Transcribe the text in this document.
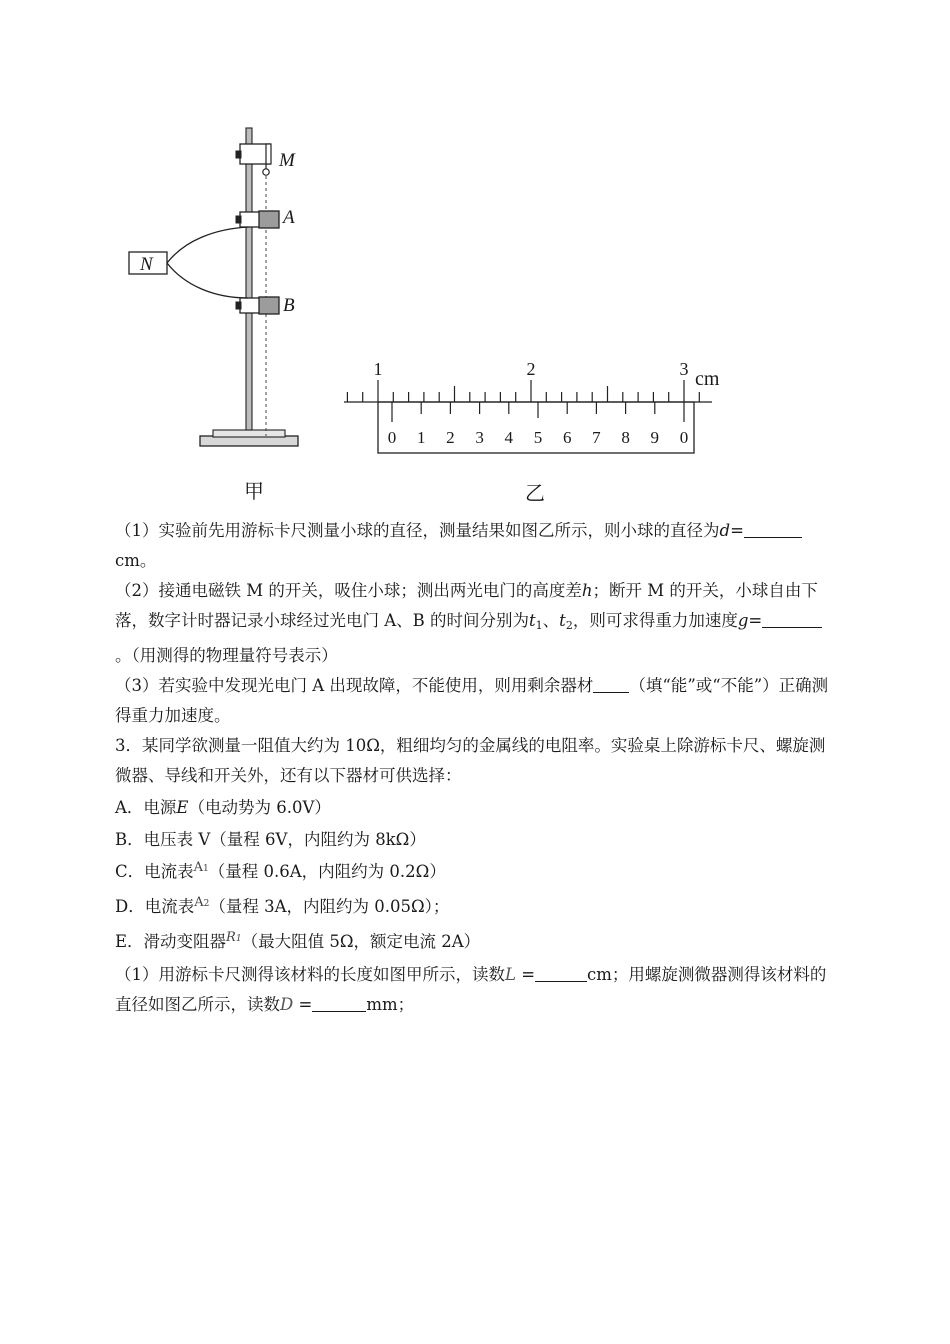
M
A
B
N
1	2	3 cm
0 1 2 3 4 5 6 7 8 9 0
甲	乙

（1）实验前先用游标卡尺测量小球的直径，测量结果如图乙所示，则小球的直径为d=cm。

（2）接通电磁铁 M 的开关，吸住小球；测出两光电门的高度差h；断开 M 的开关，小球自由下落，数字计时器记录小球经过光电门 A、B 的时间分别为$t_1$、$t_2$，则可求得重力加速度g=。（用测得的物理量符号表示）

（3）若实验中发现光电门 A 出现故障，不能使用，则用剩余器材 （填“能”或“不能”）正确测得重力加速度。

3．某同学欲测量一阻值大约为 10Ω，粗细均匀的金属线的电阻率。实验桌上除游标卡尺、螺旋测微器、导线和开关外，还有以下器材可供选择：

A．电源E（电动势为 6.0V）

B．电压表 V（量程 6V，内阻约为 8kΩ）

C．电流表$^{A1}$（量程 0.6A，内阻约为 0.2Ω）

D．电流表$^{A2}$（量程 3A，内阻约为 0.05Ω）；

E．滑动变阻器$^{R1}$（最大阻值 5Ω，额定电流 2A）

（1）用游标卡尺测得该材料的长度如图甲所示，读数L =	cm；用螺旋测微器测得该材料的直径如图乙所示，读数D =	mm；
